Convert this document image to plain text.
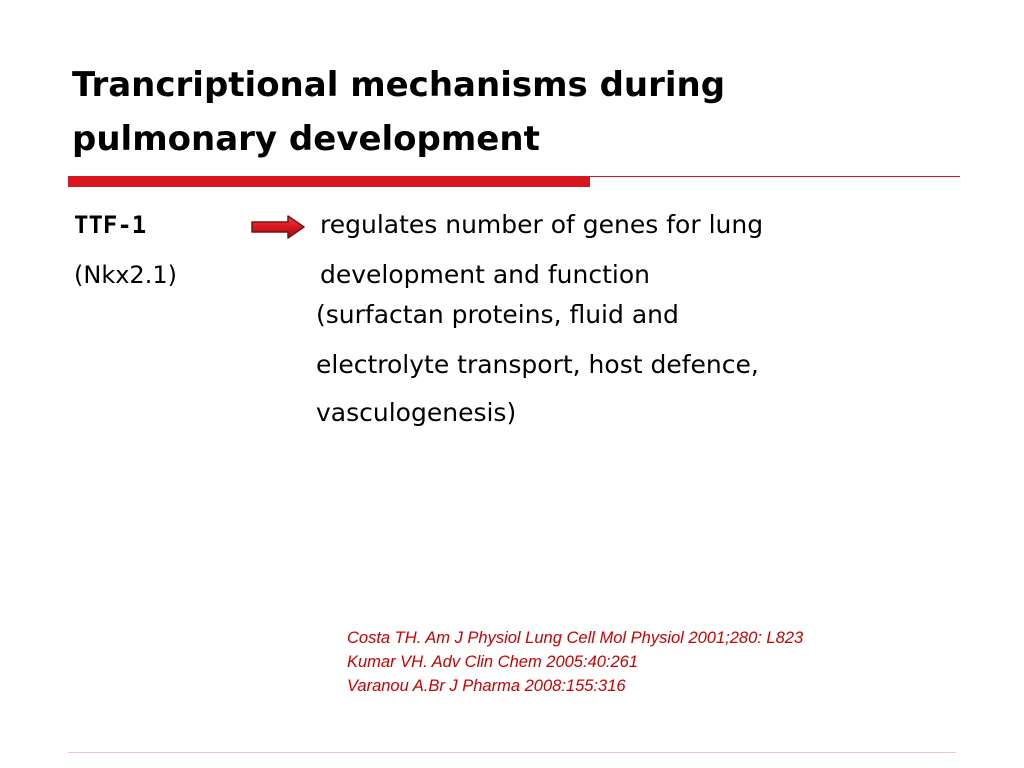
Trancriptional mechanisms during
pulmonary development
TTF-1
(Nkx2.1)
regulates number of genes for lung
development and function
(surfactan proteins, fluid and
electrolyte transport, host defence,
vasculogenesis)
Costa TH. Am J Physiol Lung Cell Mol Physiol 2001;280: L823
Kumar VH. Adv Clin Chem 2005:40:261
Varanou A.Br J Pharma 2008:155:316
